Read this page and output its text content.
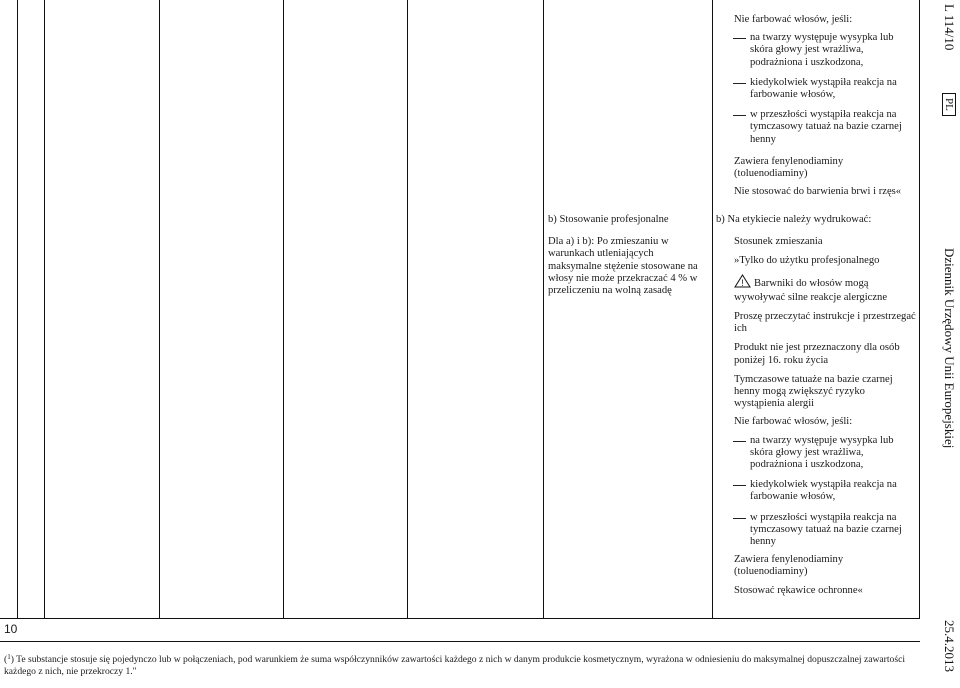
b) Stosowanie profesjonalne

Dla a) i b): Po zmieszaniu w warunkach utleniających maksymalne stężenie stosowane na włosy nie może przekraczać 4 % w przeliczeniu na wolną zasadę

Nie farbować włosów, jeśli:

na twarzy występuje wysypka lub skóra głowy jest wrażliwa, podrażniona i uszkodzona,
kiedykolwiek wystąpiła reakcja na farbowanie włosów,
w przeszłości wystąpiła reakcja na tymczasowy tatuaż na bazie czarnej henny

Zawiera fenylenodiaminy (toluenodiaminy)

Nie stosować do barwienia brwi i rzęs«

b) Na etykiecie należy wydrukować:

Stosunek zmieszania

»Tylko do użytku profesjonalnego

! Barwniki do włosów mogą wywoływać silne reakcje alergiczne

Proszę przeczytać instrukcje i przestrzegać ich

Produkt nie jest przeznaczony dla osób poniżej 16. roku życia

Tymczasowe tatuaże na bazie czarnej henny mogą zwiększyć ryzyko wystąpienia alergii

Nie farbować włosów, jeśli:

na twarzy występuje wysypka lub skóra głowy jest wrażliwa, podrażniona i uszkodzona,
kiedykolwiek wystąpiła reakcja na farbowanie włosów,
w przeszłości wystąpiła reakcja na tymczasowy tatuaż na bazie czarnej henny

Zawiera fenylenodiaminy (toluenodiaminy)

Stosować rękawice ochronne«

10
($^1$) Te substancje stosuje się pojedynczo lub w połączeniach, pod warunkiem że suma współczynników zawartości każdego z nich w danym produkcie kosmetycznym, wyrażona w odniesieniu do maksymalnej dopuszczalnej zawartości każdego z nich, nie przekroczy 1."
L 114/10
PL
Dziennik Urzędowy Unii Europejskiej
25.4.2013
